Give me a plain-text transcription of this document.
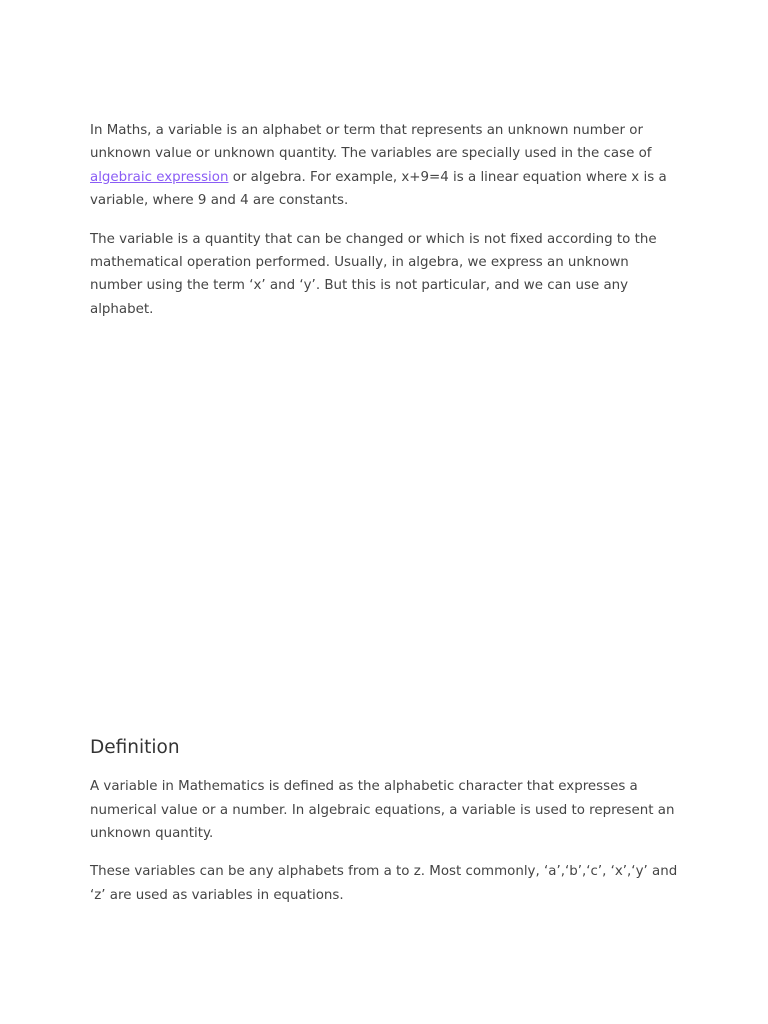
In Maths, a variable is an alphabet or term that represents an unknown number or unknown value or unknown quantity. The variables are specially used in the case of algebraic expression or algebra. For example, x+9=4 is a linear equation where x is a variable, where 9 and 4 are constants.

The variable is a quantity that can be changed or which is not fixed according to the mathematical operation performed. Usually, in algebra, we express an unknown number using the term ‘x’ and ‘y’. But this is not particular, and we can use any alphabet.

Definition

A variable in Mathematics is defined as the alphabetic character that expresses a numerical value or a number. In algebraic equations, a variable is used to represent an unknown quantity.

These variables can be any alphabets from a to z. Most commonly, ‘a’,‘b’,‘c’, ‘x’,‘y’ and ‘z’ are used as variables in equations.
